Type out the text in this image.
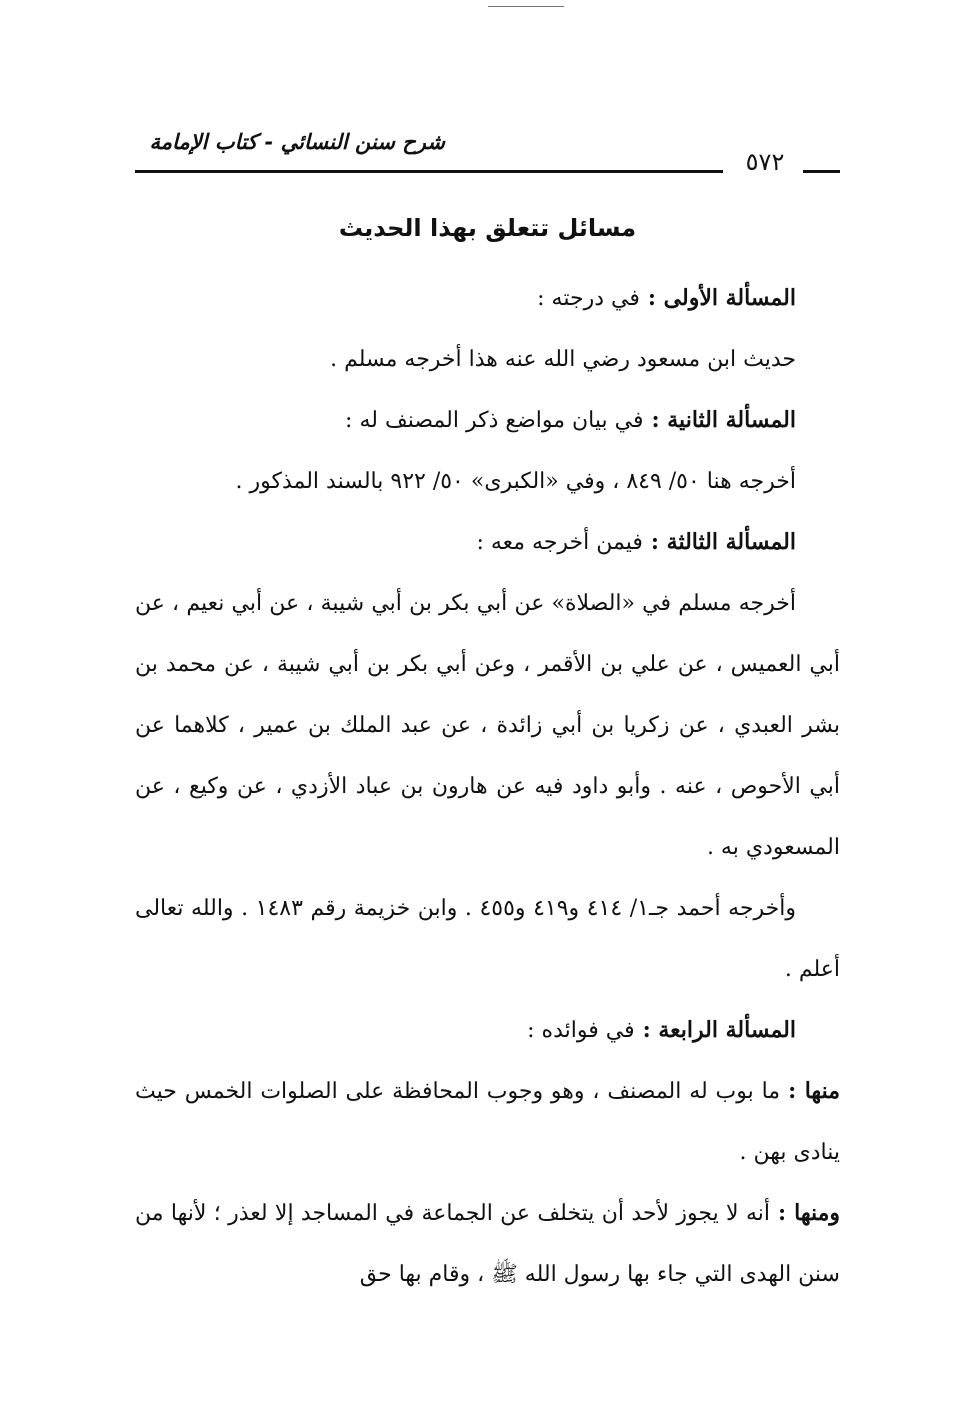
شرح سنن النسائي - كتاب الإمامة
٥٧٢
مسائل تتعلق بهذا الحديث

المسألة الأولى :في درجته :

حديث ابن مسعود رضي الله عنه هذا أخرجه مسلم .

المسألة الثانية :في بيان مواضع ذكر المصنف له :

أخرجه هنا ٥٠/ ٨٤٩ ، وفي «الكبرى» ٥٠/ ٩٢٢ بالسند المذكور .

المسألة الثالثة :فيمن أخرجه معه :

أخرجه مسلم في «الصلاة» عن أبي بكر بن أبي شيبة ، عن أبي نعيم ، عن أبي العميس ، عن علي بن الأقمر ، وعن أبي بكر بن أبي شيبة ، عن محمد بن بشر العبدي ، عن زكريا بن أبي زائدة ، عن عبد الملك بن عمير ، كلاهما عن أبي الأحوص ، عنه . وأبو داود فيه عن هارون بن عباد الأزدي ، عن وكيع ، عن المسعودي به .

وأخرجه أحمد جـ١/ ٤١٤ و٤١٩ و٤٥٥ . وابن خزيمة رقم ١٤٨٣ . والله تعالى أعلم .

المسألة الرابعة :في فوائده :

منها :ما بوب له المصنف ، وهو وجوب المحافظة على الصلوات الخمس حيث ينادى بهن .

ومنها :أنه لا يجوز لأحد أن يتخلف عن الجماعة في المساجد إلا لعذر ؛ لأنها من سنن الهدى التي جاء بها رسول الله ﷺ ، وقام بها حق
